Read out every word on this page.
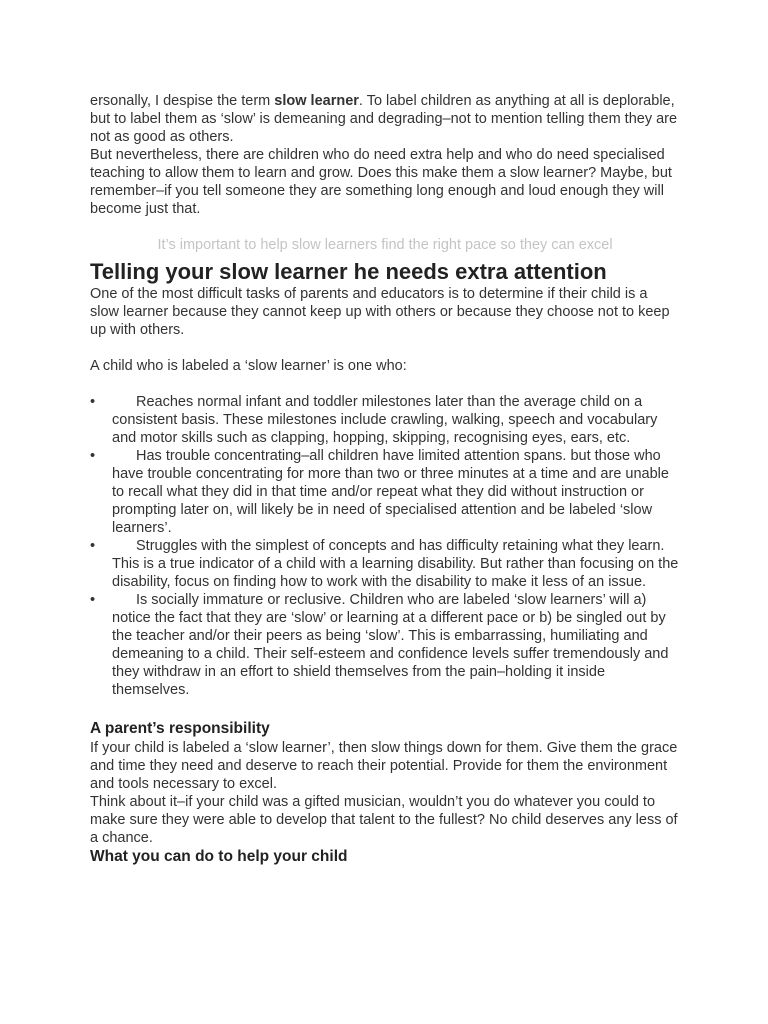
ersonally, I despise the term slow learner. To label children as anything at all is deplorable, but to label them as ‘slow’ is demeaning and degrading–not to mention telling them they are not as good as others.

But nevertheless, there are children who do need extra help and who do need specialised teaching to allow them to learn and grow. Does this make them a slow learner? Maybe, but remember–if you tell someone they are something long enough and loud enough they will become just that.

It’s important to help slow learners find the right pace so they can excel

Telling your slow learner he needs extra attention

One of the most difficult tasks of parents and educators is to determine if their child is a slow learner because they cannot keep up with others or because they choose not to keep up with others.

A child who is labeled a ‘slow learner’ is one who:

•	Reaches normal infant and toddler milestones later than the average child on a consistent basis. These milestones include crawling, walking, speech and vocabulary and motor skills such as clapping, hopping, skipping, recognising eyes, ears, etc.
•	Has trouble concentrating–all children have limited attention spans. but those who have trouble concentrating for more than two or three minutes at a time and are unable to recall what they did in that time and/or repeat what they did without instruction or prompting later on, will likely be in need of specialised attention and be labeled ‘slow learners’.
•	Struggles with the simplest of concepts and has difficulty retaining what they learn. This is a true indicator of a child with a learning disability. But rather than focusing on the disability, focus on finding how to work with the disability to make it less of an issue.
•	Is socially immature or reclusive. Children who are labeled ‘slow learners’ will a) notice the fact that they are ‘slow’ or learning at a different pace or b) be singled out by the teacher and/or their peers as being ‘slow’. This is embarrassing, humiliating and demeaning to a child. Their self-esteem and confidence levels suffer tremendously and they withdraw in an effort to shield themselves from the pain–holding it inside themselves.
A parent’s responsibility

If your child is labeled a ‘slow learner’, then slow things down for them. Give them the grace and time they need and deserve to reach their potential. Provide for them the environment and tools necessary to excel.

Think about it–if your child was a gifted musician, wouldn’t you do whatever you could to make sure they were able to develop that talent to the fullest? No child deserves any less of a chance.

What you can do to help your child
